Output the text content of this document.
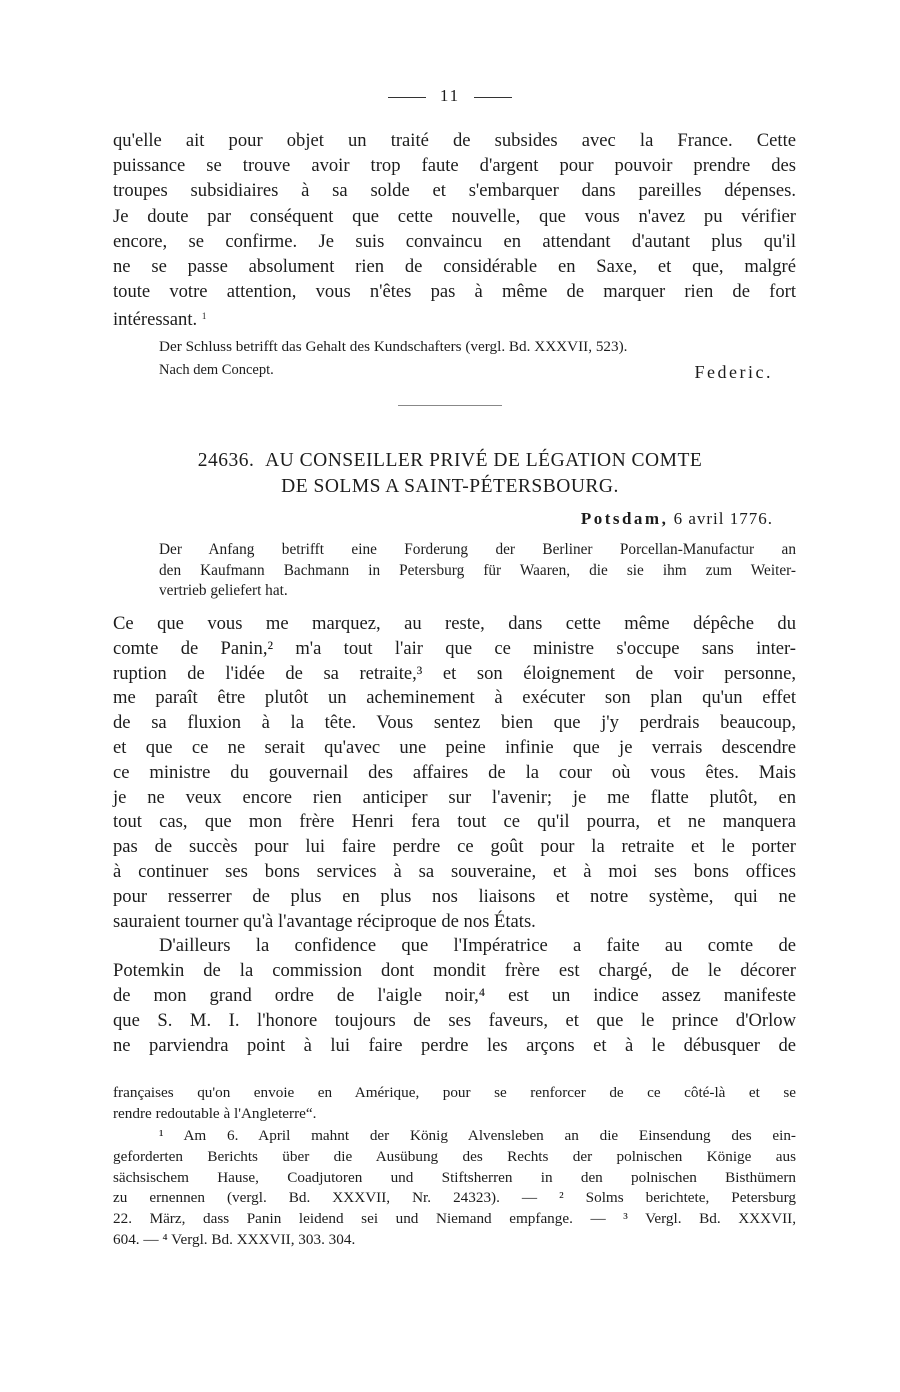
11

qu'elle ait pour objet un traité de subsides avec la France. Cette

puissance se trouve avoir trop faute d'argent pour pouvoir prendre des

troupes subsidiaires à sa solde et s'embarquer dans pareilles dépenses.

Je doute par conséquent que cette nouvelle, que vous n'avez pu vérifier

encore, se confirme. Je suis convaincu en attendant d'autant plus qu'il

ne se passe absolument rien de considérable en Saxe, et que, malgré

toute votre attention, vous n'êtes pas à même de marquer rien de fort

intéressant. $^1$

Der Schluss betrifft das Gehalt des Kundschafters (vergl. Bd. XXXVII, 523).
Nach dem Concept.	Federic.
24636. AU CONSEILLER PRIVÉ DE LÉGATION COMTE
DE SOLMS A SAINT-PÉTERSBOURG.
Potsdam, 6 avril 1776.
Der Anfang betrifft eine Forderung der Berliner Porcellan-Manufactur an
den Kaufmann Bachmann in Petersburg für Waaren, die sie ihm zum Weiter-
vertrieb geliefert hat.

Ce que vous me marquez, au reste, dans cette même dépêche du

comte de Panin,² m'a tout l'air que ce ministre s'occupe sans inter-

ruption de l'idée de sa retraite,³ et son éloignement de voir personne,

me paraît être plutôt un acheminement à exécuter son plan qu'un effet

de sa fluxion à la tête. Vous sentez bien que j'y perdrais beaucoup,

et que ce ne serait qu'avec une peine infinie que je verrais descendre

ce ministre du gouvernail des affaires de la cour où vous êtes. Mais

je ne veux encore rien anticiper sur l'avenir; je me flatte plutôt, en

tout cas, que mon frère Henri fera tout ce qu'il pourra, et ne manquera

pas de succès pour lui faire perdre ce goût pour la retraite et le porter

à continuer ses bons services à sa souveraine, et à moi ses bons offices

pour resserrer de plus en plus nos liaisons et notre système, qui ne

sauraient tourner qu'à l'avantage réciproque de nos États.

D'ailleurs la confidence que l'Impératrice a faite au comte de

Potemkin de la commission dont mondit frère est chargé, de le décorer

de mon grand ordre de l'aigle noir,⁴ est un indice assez manifeste

que S. M. I. l'honore toujours de ses faveurs, et que le prince d'Orlow

ne parviendra point à lui faire perdre les arçons et à le débusquer de

françaises qu'on envoie en Amérique, pour se renforcer de ce côté-là et se
rendre redoutable à l'Angleterre“.
¹ Am 6. April mahnt der König Alvensleben an die Einsendung des ein-
geforderten Berichts über die Ausübung des Rechts der polnischen Könige aus
sächsischem Hause, Coadjutoren und Stiftsherren in den polnischen Bisthümern
zu ernennen (vergl. Bd. XXXVII, Nr. 24323). — ² Solms berichtete, Petersburg
22. März, dass Panin leidend sei und Niemand empfange. — ³ Vergl. Bd. XXXVII,
604. — ⁴ Vergl. Bd. XXXVII, 303. 304.
